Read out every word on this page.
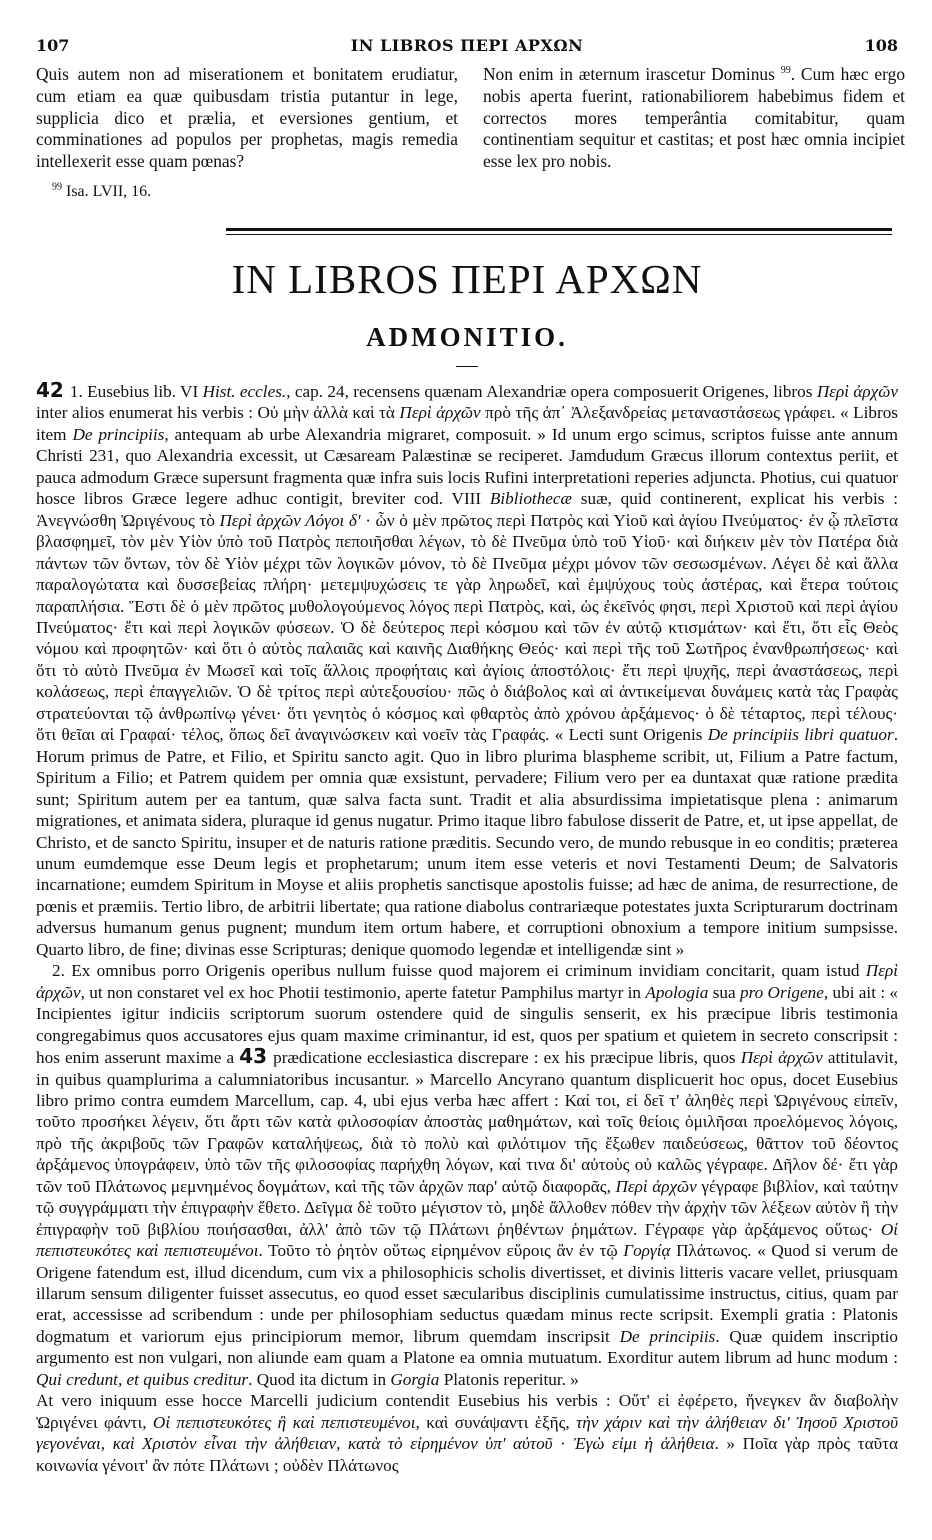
107	IN LIBROS ΠΕΡΙ ΑΡΧΩΝ	108

Quis autem non ad miserationem et bonitatem erudiatur, cum etiam ea quæ quibusdam tristia putantur in lege, supplicia dico et prælia, et eversiones gentium, et comminationes ad populos per prophetas, magis remedia intellexerit esse quam pœnas?

$^{99}$ Isa. LVII, 16.

Non enim in æternum irascetur Dominus $^{99}$. Cum hæc ergo nobis aperta fuerint, rationabiliorem habebimus fidem et correctos mores temperântia comitabitur, quam continentiam sequitur et castitas; et post hæc omnia incipiet esse lex pro nobis.

IN LIBROS ΠΕΡΙ ΑΡΧΩΝ
ADMONITIO.

42 1. Eusebius lib. VI Hist. eccles., cap. 24, recensens quænam Alexandriæ opera composuerit Origenes, libros Περὶ ἀρχῶν inter alios enumerat his verbis : Οὐ μὴν ἀλλὰ καὶ τὰ Περὶ ἀρχῶν πρὸ τῆς ἀπ᾽ Ἀλεξανδρείας μεταναστάσεως γράφει. « Libros item De principiis, antequam ab urbe Alexandria migraret, composuit. » Id unum ergo scimus, scriptos fuisse ante annum Christi 231, quo Alexandria excessit, ut Cæsaream Palæstinæ se reciperet. Jamdudum Græcus illorum contextus periit, et pauca admodum Græce supersunt fragmenta quæ infra suis locis Rufini interpretationi reperies adjuncta. Photius, cui quatuor hosce libros Græce legere adhuc contigit, breviter cod. VIII Bibliothecæ suæ, quid continerent, explicat his verbis : Ἀνεγνώσθη Ὠριγένους τὸ Περὶ ἀρχῶν Λόγοι δ' · ὧν ὁ μὲν πρῶτος περὶ Πατρὸς καὶ Υἱοῦ καὶ ἁγίου Πνεύματος· ἐν ᾧ πλεῖστα βλασφημεῖ, τὸν μὲν Υἱὸν ὑπὸ τοῦ Πατρὸς πεποιῆσθαι λέγων, τὸ δὲ Πνεῦμα ὑπὸ τοῦ Υἱοῦ· καὶ διήκειν μὲν τὸν Πατέρα διὰ πάντων τῶν ὄντων, τὸν δὲ Υἱὸν μέχρι τῶν λογικῶν μόνον, τὸ δὲ Πνεῦμα μέχρι μόνον τῶν σεσωσμένων. Λέγει δὲ καὶ ἄλλα παραλογώτατα καὶ δυσσεβείας πλήρη· μετεμψυχώσεις τε γὰρ ληρωδεῖ, καὶ ἐμψύχους τοὺς ἀστέρας, καὶ ἕτερα τούτοις παραπλήσια. Ἔστι δὲ ὁ μὲν πρῶτος μυθολογούμενος λόγος περὶ Πατρὸς, καὶ, ὡς ἐκεῖνός φησι, περὶ Χριστοῦ καὶ περὶ ἁγίου Πνεύματος· ἔτι καὶ περὶ λογικῶν φύσεων. Ὁ δὲ δεύτερος περὶ κόσμου καὶ τῶν ἐν αὐτῷ κτισμάτων· καὶ ἔτι, ὅτι εἷς Θεὸς νόμου καὶ προφητῶν· καὶ ὅτι ὁ αὐτὸς παλαιᾶς καὶ καινῆς Διαθήκης Θεός· καὶ περὶ τῆς τοῦ Σωτῆρος ἐνανθρωπήσεως· καὶ ὅτι τὸ αὐτὸ Πνεῦμα ἐν Μωσεῖ καὶ τοῖς ἄλλοις προφήταις καὶ ἁγίοις ἀποστόλοις· ἔτι περὶ ψυχῆς, περὶ ἀναστάσεως, περὶ κολάσεως, περὶ ἐπαγγελιῶν. Ὁ δὲ τρίτος περὶ αὐτεξουσίου· πῶς ὁ διάβολος καὶ αἱ ἀντικείμεναι δυνάμεις κατὰ τὰς Γραφὰς στρατεύονται τῷ ἀνθρωπίνῳ γένει· ὅτι γενητὸς ὁ κόσμος καὶ φθαρτὸς ἀπὸ χρόνου ἀρξάμενος· ὁ δὲ τέταρτος, περὶ τέλους· ὅτι θεῖαι αἱ Γραφαί· τέλος, ὅπως δεῖ ἀναγινώσκειν καὶ νοεῖν τὰς Γραφάς. « Lecti sunt Origenis De principiis libri quatuor. Horum primus de Patre, et Filio, et Spiritu sancto agit. Quo in libro plurima blaspheme scribit, ut, Filium a Patre factum, Spiritum a Filio; et Patrem quidem per omnia quæ exsistunt, pervadere; Filium vero per ea duntaxat quæ ratione prædita sunt; Spiritum autem per ea tantum, quæ salva facta sunt. Tradit et alia absurdissima impietatisque plena : animarum migrationes, et animata sidera, pluraque id genus nugatur. Primo itaque libro fabulose disserit de Patre, et, ut ipse appellat, de Christo, et de sancto Spiritu, insuper et de naturis ratione præditis. Secundo vero, de mundo rebusque in eo conditis; præterea unum eumdemque esse Deum legis et prophetarum; unum item esse veteris et novi Testamenti Deum; de Salvatoris incarnatione; eumdem Spiritum in Moyse et aliis prophetis sanctisque apostolis fuisse; ad hæc de anima, de resurrectione, de pœnis et præmiis. Tertio libro, de arbitrii libertate; qua ratione diabolus contrariæque potestates juxta Scripturarum doctrinam adversus humanum genus pugnent; mundum item ortum habere, et corruptioni obnoxium a tempore initium sumpsisse. Quarto libro, de fine; divinas esse Scripturas; denique quomodo legendæ et intelligendæ sint »

2. Ex omnibus porro Origenis operibus nullum fuisse quod majorem ei criminum invidiam concitarit, quam istud Περὶ ἀρχῶν, ut non constaret vel ex hoc Photii testimonio, aperte fatetur Pamphilus martyr in Apologia sua pro Origene, ubi ait : « Incipientes igitur indiciis scriptorum suorum ostendere quid de singulis senserit, ex his præcipue libris testimonia congregabimus quos accusatores ejus quam maxime criminantur, id est, quos per spatium et quietem in secreto conscripsit : hos enim asserunt maxime a 43 prædicatione ecclesiastica discrepare : ex his præcipue libris, quos Περὶ ἀρχῶν attitulavit, in quibus quamplurima a calumniatoribus incusantur. » Marcello Ancyrano quantum displicuerit hoc opus, docet Eusebius libro primo contra eumdem Marcellum, cap. 4, ubi ejus verba hæc affert : Καί τοι, εἰ δεῖ τ' ἀληθὲς περὶ Ὠριγένους εἰπεῖν, τοῦτο προσήκει λέγειν, ὅτι ἄρτι τῶν κατὰ φιλοσοφίαν ἀποστὰς μαθημάτων, καὶ τοῖς θείοις ὁμιλῆσαι προελόμενος λόγοις, πρὸ τῆς ἀκριβοῦς τῶν Γραφῶν καταλήψεως, διὰ τὸ πολὺ καὶ φιλότιμον τῆς ἔξωθεν παιδεύσεως, θᾶττον τοῦ δέοντος ἀρξάμενος ὑπογράφειν, ὑπὸ τῶν τῆς φιλοσοφίας παρήχθη λόγων, καί τινα δι' αὐτοὺς οὐ καλῶς γέγραφε. Δῆλον δέ· ἔτι γὰρ τῶν τοῦ Πλάτωνος μεμνημένος δογμάτων, καὶ τῆς τῶν ἀρχῶν παρ' αὐτῷ διαφορᾶς, Περὶ ἀρχῶν γέγραφε βιβλίον, καὶ ταύτην τῷ συγγράμματι τὴν ἐπιγραφὴν ἔθετο. Δεῖγμα δὲ τοῦτο μέγιστον τὸ, μηδὲ ἄλλοθεν πόθεν τὴν ἀρχὴν τῶν λέξεων αὐτὸν ἢ τὴν ἐπιγραφὴν τοῦ βιβλίου ποιήσασθαι, ἀλλ' ἀπὸ τῶν τῷ Πλάτωνι ῥηθέντων ῥημάτων. Γέγραφε γὰρ ἀρξάμενος οὕτως· Οἱ πεπιστευκότες καὶ πεπιστευμένοι. Τοῦτο τὸ ῥητὸν οὕτως εἰρημένον εὕροις ἂν ἐν τῷ Γοργίᾳ Πλάτωνος. « Quod si verum de Origene fatendum est, illud dicendum, cum vix a philosophicis scholis divertisset, et divinis litteris vacare vellet, priusquam illarum sensum diligenter fuisset assecutus, eo quod esset sæcularibus disciplinis cumulatissime instructus, citius, quam par erat, accessisse ad scribendum : unde per philosophiam seductus quædam minus recte scripsit. Exempli gratia : Platonis dogmatum et variorum ejus principiorum memor, librum quemdam inscripsit De principiis. Quæ quidem inscriptio argumento est non vulgari, non aliunde eam quam a Platone ea omnia mutuatum. Exorditur autem librum ad hunc modum : Qui credunt, et quibus creditur. Quod ita dictum in Gorgia Platonis reperitur. »

At vero iniquum esse hocce Marcelli judicium contendit Eusebius his verbis : Οὔτ' εἰ ἐφέρετο, ἤνεγκεν ἂν διαβολὴν Ὠριγένει φάντι, Οἱ πεπιστευκότες ἢ καὶ πεπιστευμένοι, καὶ συνάψαντι ἑξῆς, τὴν χάριν καὶ τὴν ἀλήθειαν δι' Ἰησοῦ Χριστοῦ γεγονέναι, καὶ Χριστὸν εἶναι τὴν ἀλήθειαν, κατὰ τὸ εἰρημένον ὑπ' αὐτοῦ · Ἐγὼ εἰμι ἡ ἀλήθεια. » Ποῖα γὰρ πρὸς ταῦτα κοινωνία γένοιτ' ἂν πότε Πλάτωνι ; οὐδὲν Πλάτωνος
